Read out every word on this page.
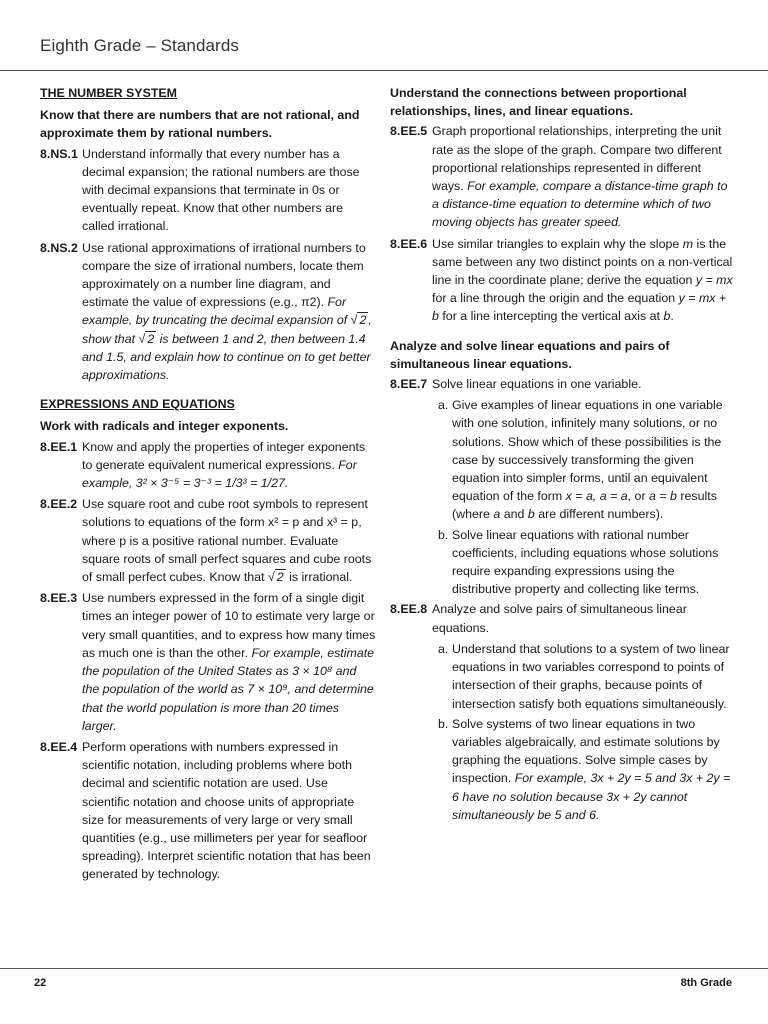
Eighth Grade – Standards
THE NUMBER SYSTEM
Know that there are numbers that are not rational, and approximate them by rational numbers.
8.NS.1 Understand informally that every number has a decimal expansion; the rational numbers are those with decimal expansions that terminate in 0s or eventually repeat. Know that other numbers are called irrational.
8.NS.2 Use rational approximations of irrational numbers to compare the size of irrational numbers, locate them approximately on a number line diagram, and estimate the value of expressions (e.g., π2). For example, by truncating the decimal expansion of √ 2 , show that √ 2 is between 1 and 2, then between 1.4 and 1.5, and explain how to continue on to get better approximations.
EXPRESSIONS AND EQUATIONS
Work with radicals and integer exponents.
8.EE.1 Know and apply the properties of integer exponents to generate equivalent numerical expressions. For example, 3² × 3⁻⁵ = 3⁻³ = 1/3³ = 1/27.
8.EE.2 Use square root and cube root symbols to represent solutions to equations of the form x² = p and x³ = p, where p is a positive rational number. Evaluate square roots of small perfect squares and cube roots of small perfect cubes. Know that √ 2 is irrational.
8.EE.3 Use numbers expressed in the form of a single digit times an integer power of 10 to estimate very large or very small quantities, and to express how many times as much one is than the other. For example, estimate the population of the United States as 3 × 10⁸ and the population of the world as 7 × 10⁹, and determine that the world population is more than 20 times larger.
8.EE.4 Perform operations with numbers expressed in scientific notation, including problems where both decimal and scientific notation are used. Use scientific notation and choose units of appropriate size for measurements of very large or very small quantities (e.g., use millimeters per year for seafloor spreading). Interpret scientific notation that has been generated by technology.
Understand the connections between proportional relationships, lines, and linear equations.
8.EE.5 Graph proportional relationships, interpreting the unit rate as the slope of the graph. Compare two different proportional relationships represented in different ways. For example, compare a distance-time graph to a distance-time equation to determine which of two moving objects has greater speed.
8.EE.6 Use similar triangles to explain why the slope m is the same between any two distinct points on a non-vertical line in the coordinate plane; derive the equation y = mx for a line through the origin and the equation y = mx + b for a line intercepting the vertical axis at b.
Analyze and solve linear equations and pairs of simultaneous linear equations.
8.EE.7 Solve linear equations in one variable.
a. Give examples of linear equations in one variable with one solution, infinitely many solutions, or no solutions. Show which of these possibilities is the case by successively transforming the given equation into simpler forms, until an equivalent equation of the form x = a, a = a, or a = b results (where a and b are different numbers).
b. Solve linear equations with rational number coefficients, including equations whose solutions require expanding expressions using the distributive property and collecting like terms.
8.EE.8 Analyze and solve pairs of simultaneous linear equations.
a. Understand that solutions to a system of two linear equations in two variables correspond to points of intersection of their graphs, because points of intersection satisfy both equations simultaneously.
b. Solve systems of two linear equations in two variables algebraically, and estimate solutions by graphing the equations. Solve simple cases by inspection. For example, 3x + 2y = 5 and 3x + 2y = 6 have no solution because 3x + 2y cannot simultaneously be 5 and 6.
22	8th Grade
